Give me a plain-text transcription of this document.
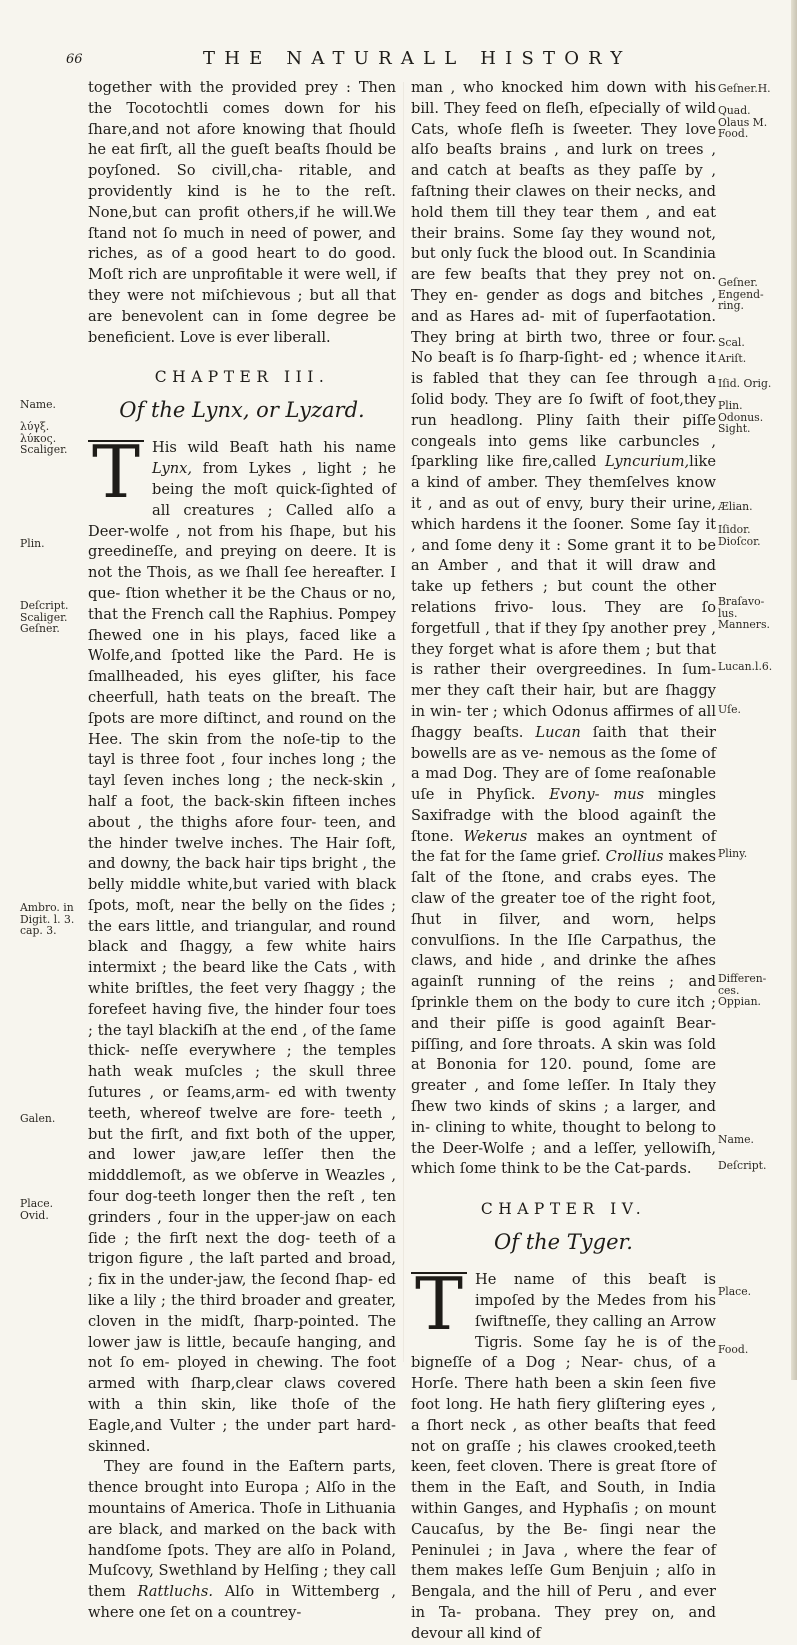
66	THE NATURALL HISTORY

together with the provided prey : Then the Tocotochtli comes down for his ſhare,and not afore knowing that ſhould he eat firſt, all the gueſt beaſts ſhould be poyſoned. So civill,cha- ritable, and providently kind is he to the reſt. None,but can profit others,if he will.We ſtand not ſo much in need of power, and riches, as of a good heart to do good. Moſt rich are unprofitable it were well, if they were not miſchievous ; but all that are benevolent can in ſome degree be beneficient. Love is ever liberall.

CHAPTER III.
Of the Lynx, or Lyzard.

T His wild Beaſt hath his name Lynx, from Lykes , light ; he being the moſt quick-ſighted of all creatures ; Called alſo a Deer-wolfe , not from his ſhape, but his greedineſſe, and preying on deere. It is not the Thois, as we ſhall ſee hereafter. I que- ſtion whether it be the Chaus or no, that the French call the Raphius. Pompey ſhewed one in his plays, faced like a Wolfe,and ſpotted like the Pard. He is ſmallheaded, his eyes gliſter, his face cheerfull, hath teats on the breaſt. The ſpots are more diſtinct, and round on the Hee. The skin from the noſe-tip to the tayl is three foot , four inches long ; the tayl ſeven inches long ; the neck-skin , half a foot, the back-skin fifteen inches about , the thighs afore four- teen, and the hinder twelve inches. The Hair ſoft, and downy, the back hair tips bright , the belly middle white,but varied with black ſpots, moſt, near the belly on the ſides ; the ears little, and triangular, and round black and ſhaggy, a few white hairs intermixt ; the beard like the Cats , with white briſtles, the feet very ſhaggy ; the forefeet having five, the hinder four toes ; the tayl blackiſh at the end , of the ſame thick- neſſe everywhere ; the temples hath weak muſcles ; the skull three ſutures , or ſeams,arm- ed with twenty teeth, whereof twelve are fore- teeth , but the firſt, and fixt both of the upper, and lower jaw,are leſſer then the midddlemoſt, as we obſerve in Weazles , four dog-teeth longer then the reſt , ten grinders , four in the upper-jaw on each ſide ; the firſt next the dog- teeth of a trigon figure , the laſt parted and broad, ; fix in the under-jaw, the ſecond ſhap- ed like a lily ; the third broader and greater, cloven in the midſt, ſharp-pointed. The lower jaw is little, becauſe hanging, and not ſo em- ployed in chewing. The foot armed with ſharp,clear claws covered with a thin skin, like thoſe of the Eagle,and Vulter ; the under part hard-skinned.

They are found in the Eaſtern parts, thence brought into Europa ; Alſo in the mountains of America. Thoſe in Lithuania are black, and marked on the back with handſome ſpots. They are alſo in Poland, Muſcovy, Swethland by Helſing ; they call them Rattluchs. Alſo in Wittemberg , where one ſet on a countrey-

man , who knocked him down with his bill. They feed on fleſh, eſpecially of wild Cats, whoſe fleſh is ſweeter. They love alſo beaſts brains , and lurk on trees , and catch at beaſts as they paſſe by , faſtning their clawes on their necks, and hold them till they tear them , and eat their brains. Some ſay they wound not, but only ſuck the blood out. In Scandinia are few beaſts that they prey not on. They en- gender as dogs and bitches , and as Hares ad- mit of ſuperfaotation. They bring at birth two, three or four. No beaſt is ſo ſharp-ſight- ed ; whence it is fabled that they can ſee through a ſolid body. They are ſo ſwift of foot,they run headlong. Pliny ſaith their piſſe congeals into gems like carbuncles , ſparkling like fire,called Lyncurium,like a kind of amber. They themſelves know it , and as out of envy, bury their urine, which hardens it the ſooner. Some ſay it , and ſome deny it : Some grant it to be an Amber , and that it will draw and take up fethers ; but count the other relations frivo- lous. They are ſo forgetfull , that if they ſpy another prey , they forget what is afore them ; but that is rather their overgreedines. In ſum- mer they caſt their hair, but are ſhaggy in win- ter ; which Odonus affirmes of all ſhaggy beaſts. Lucan ſaith that their bowells are as ve- nemous as the ſome of a mad Dog. They are of ſome reaſonable uſe in Phyſick. Evony- mus mingles Saxifradge with the blood againſt the ſtone. Wekerus makes an oyntment of the fat for the ſame grief. Crollius makes ſalt of the ſtone, and crabs eyes. The claw of the greater toe of the right foot, ſhut in ſilver, and worn, helps convulſions. In the Iſle Carpathus, the claws, and hide , and drinke the aſhes againſt running of the reins ; and ſprinkle them on the body to cure itch ; and their piſſe is good againſt Bear-piſſing, and ſore throats. A skin was ſold at Bononia for 120. pound, ſome are greater , and ſome leſſer. In Italy they ſhew two kinds of skins ; a larger, and in- clining to white, thought to belong to the Deer-Wolfe ; and a leſſer, yellowiſh, which ſome think to be the Cat-pards.

CHAPTER IV.
Of the Tyger.

T He name of this beaſt is impoſed by the Medes from his ſwiftneſſe, they calling an Arrow Tigris. Some ſay he is of the bigneſſe of a Dog ; Near- chus, of a Horſe. There hath been a skin ſeen five foot long. He hath fiery gliſtering eyes , a ſhort neck , as other beaſts that feed not on graſſe ; his clawes crooked,teeth keen, feet cloven. There is great ſtore of them in the Eaſt, and South, in India within Ganges, and Hyphaſis ; on mount Caucaſus, by the Be- ſingi near the Peninulei ; in Java , where the fear of them makes leſſe Gum Benjuin ; alſo in Bengala, and the hill of Peru , and ever in Ta- probana. They prey on, and devour all kind of

Name.
λύγξ.
λύκος.
Scaliger.
Plin.
Deſcript.
Scaliger.
Geſner.
Ambro. in
Digit. l. 3.
cap. 3.
Galen.
Place.
Ovid.
Geſner.H.
Quad.
Olaus M.
Food.
Geſner.
Engend-
ring.
Scal.
Ariſt.
Iſid. Orig.
Plin.
Odonus.
Sight.
Ælian.
Iſidor.
Dioſcor.
Braſavo-
lus.
Manners.
Lucan.l.6.
Uſe.
Pliny.
Differen-
ces.
Oppian.
Name.
Deſcript.
Place.
Food.
